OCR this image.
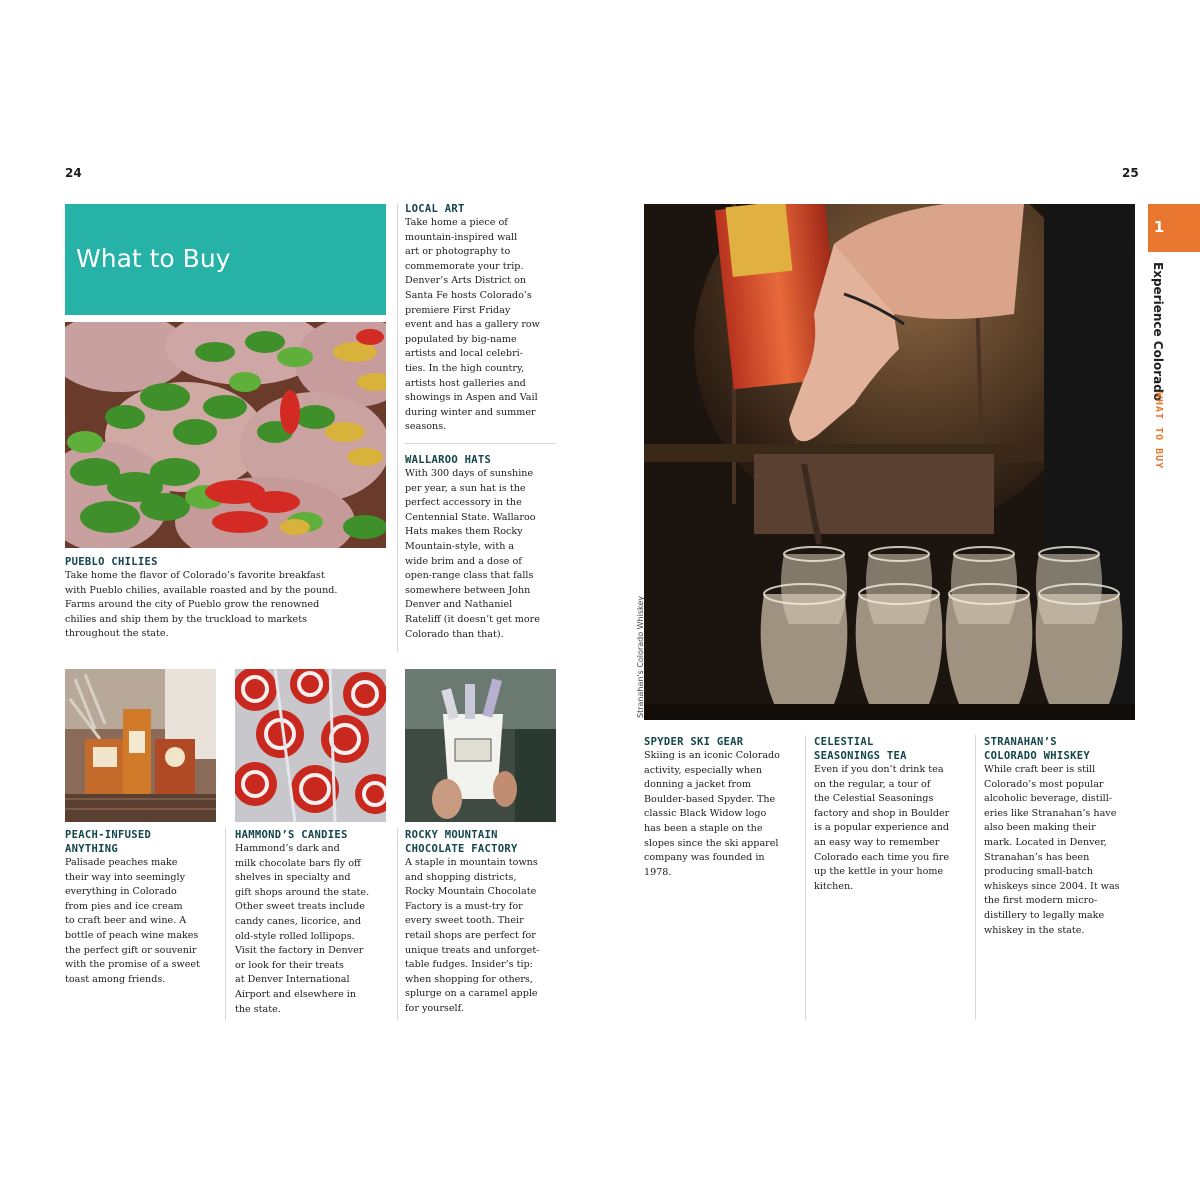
24	25
What to Buy
PUEBLO CHILIES
Take home the flavor of Colorado’s favorite breakfast
with Pueblo chilies, available roasted and by the pound.
Farms around the city of Pueblo grow the renowned
chilies and ship them by the truckload to markets
throughout the state.
LOCAL ART
Take home a piece of
mountain-inspired wall
art or photography to
commemorate your trip.
Denver’s Arts District on
Santa Fe hosts Colorado’s
premiere First Friday
event and has a gallery row
populated by big-name
artists and local celebri-
ties. In the high country,
artists host galleries and
showings in Aspen and Vail
during winter and summer
seasons.
WALLAROO HATS
With 300 days of sunshine
per year, a sun hat is the
perfect accessory in the
Centennial State. Wallaroo
Hats makes them Rocky
Mountain-style, with a
wide brim and a dose of
open-range class that falls
somewhere between John
Denver and Nathaniel
Rateliff (it doesn’t get more
Colorado than that).
PEACH-INFUSED
ANYTHING
Palisade peaches make
their way into seemingly
everything in Colorado
from pies and ice cream
to craft beer and wine. A
bottle of peach wine makes
the perfect gift or souvenir
with the promise of a sweet
toast among friends.
HAMMOND’S CANDIES
Hammond’s dark and
milk chocolate bars fly off
shelves in specialty and
gift shops around the state.
Other sweet treats include
candy canes, licorice, and
old-style rolled lollipops.
Visit the factory in Denver
or look for their treats
at Denver International
Airport and elsewhere in
the state.
ROCKY MOUNTAIN
CHOCOLATE FACTORY
A staple in mountain towns
and shopping districts,
Rocky Mountain Chocolate
Factory is a must-try for
every sweet tooth. Their
retail shops are perfect for
unique treats and unforget-
table fudges. Insider’s tip:
when shopping for others,
splurge on a caramel apple
for yourself.
Stranahan's Colorado Whiskey
1
Experience Colorado
WHAT TO BUY
SPYDER SKI GEAR
Skiing is an iconic Colorado
activity, especially when
donning a jacket from
Boulder-based Spyder. The
classic Black Widow logo
has been a staple on the
slopes since the ski apparel
company was founded in
1978.
CELESTIAL
SEASONINGS TEA
Even if you don’t drink tea
on the regular, a tour of
the Celestial Seasonings
factory and shop in Boulder
is a popular experience and
an easy way to remember
Colorado each time you fire
up the kettle in your home
kitchen.
STRANAHAN’S
COLORADO WHISKEY
While craft beer is still
Colorado’s most popular
alcoholic beverage, distill-
eries like Stranahan’s have
also been making their
mark. Located in Denver,
Stranahan’s has been
producing small-batch
whiskeys since 2004. It was
the first modern micro-
distillery to legally make
whiskey in the state.
